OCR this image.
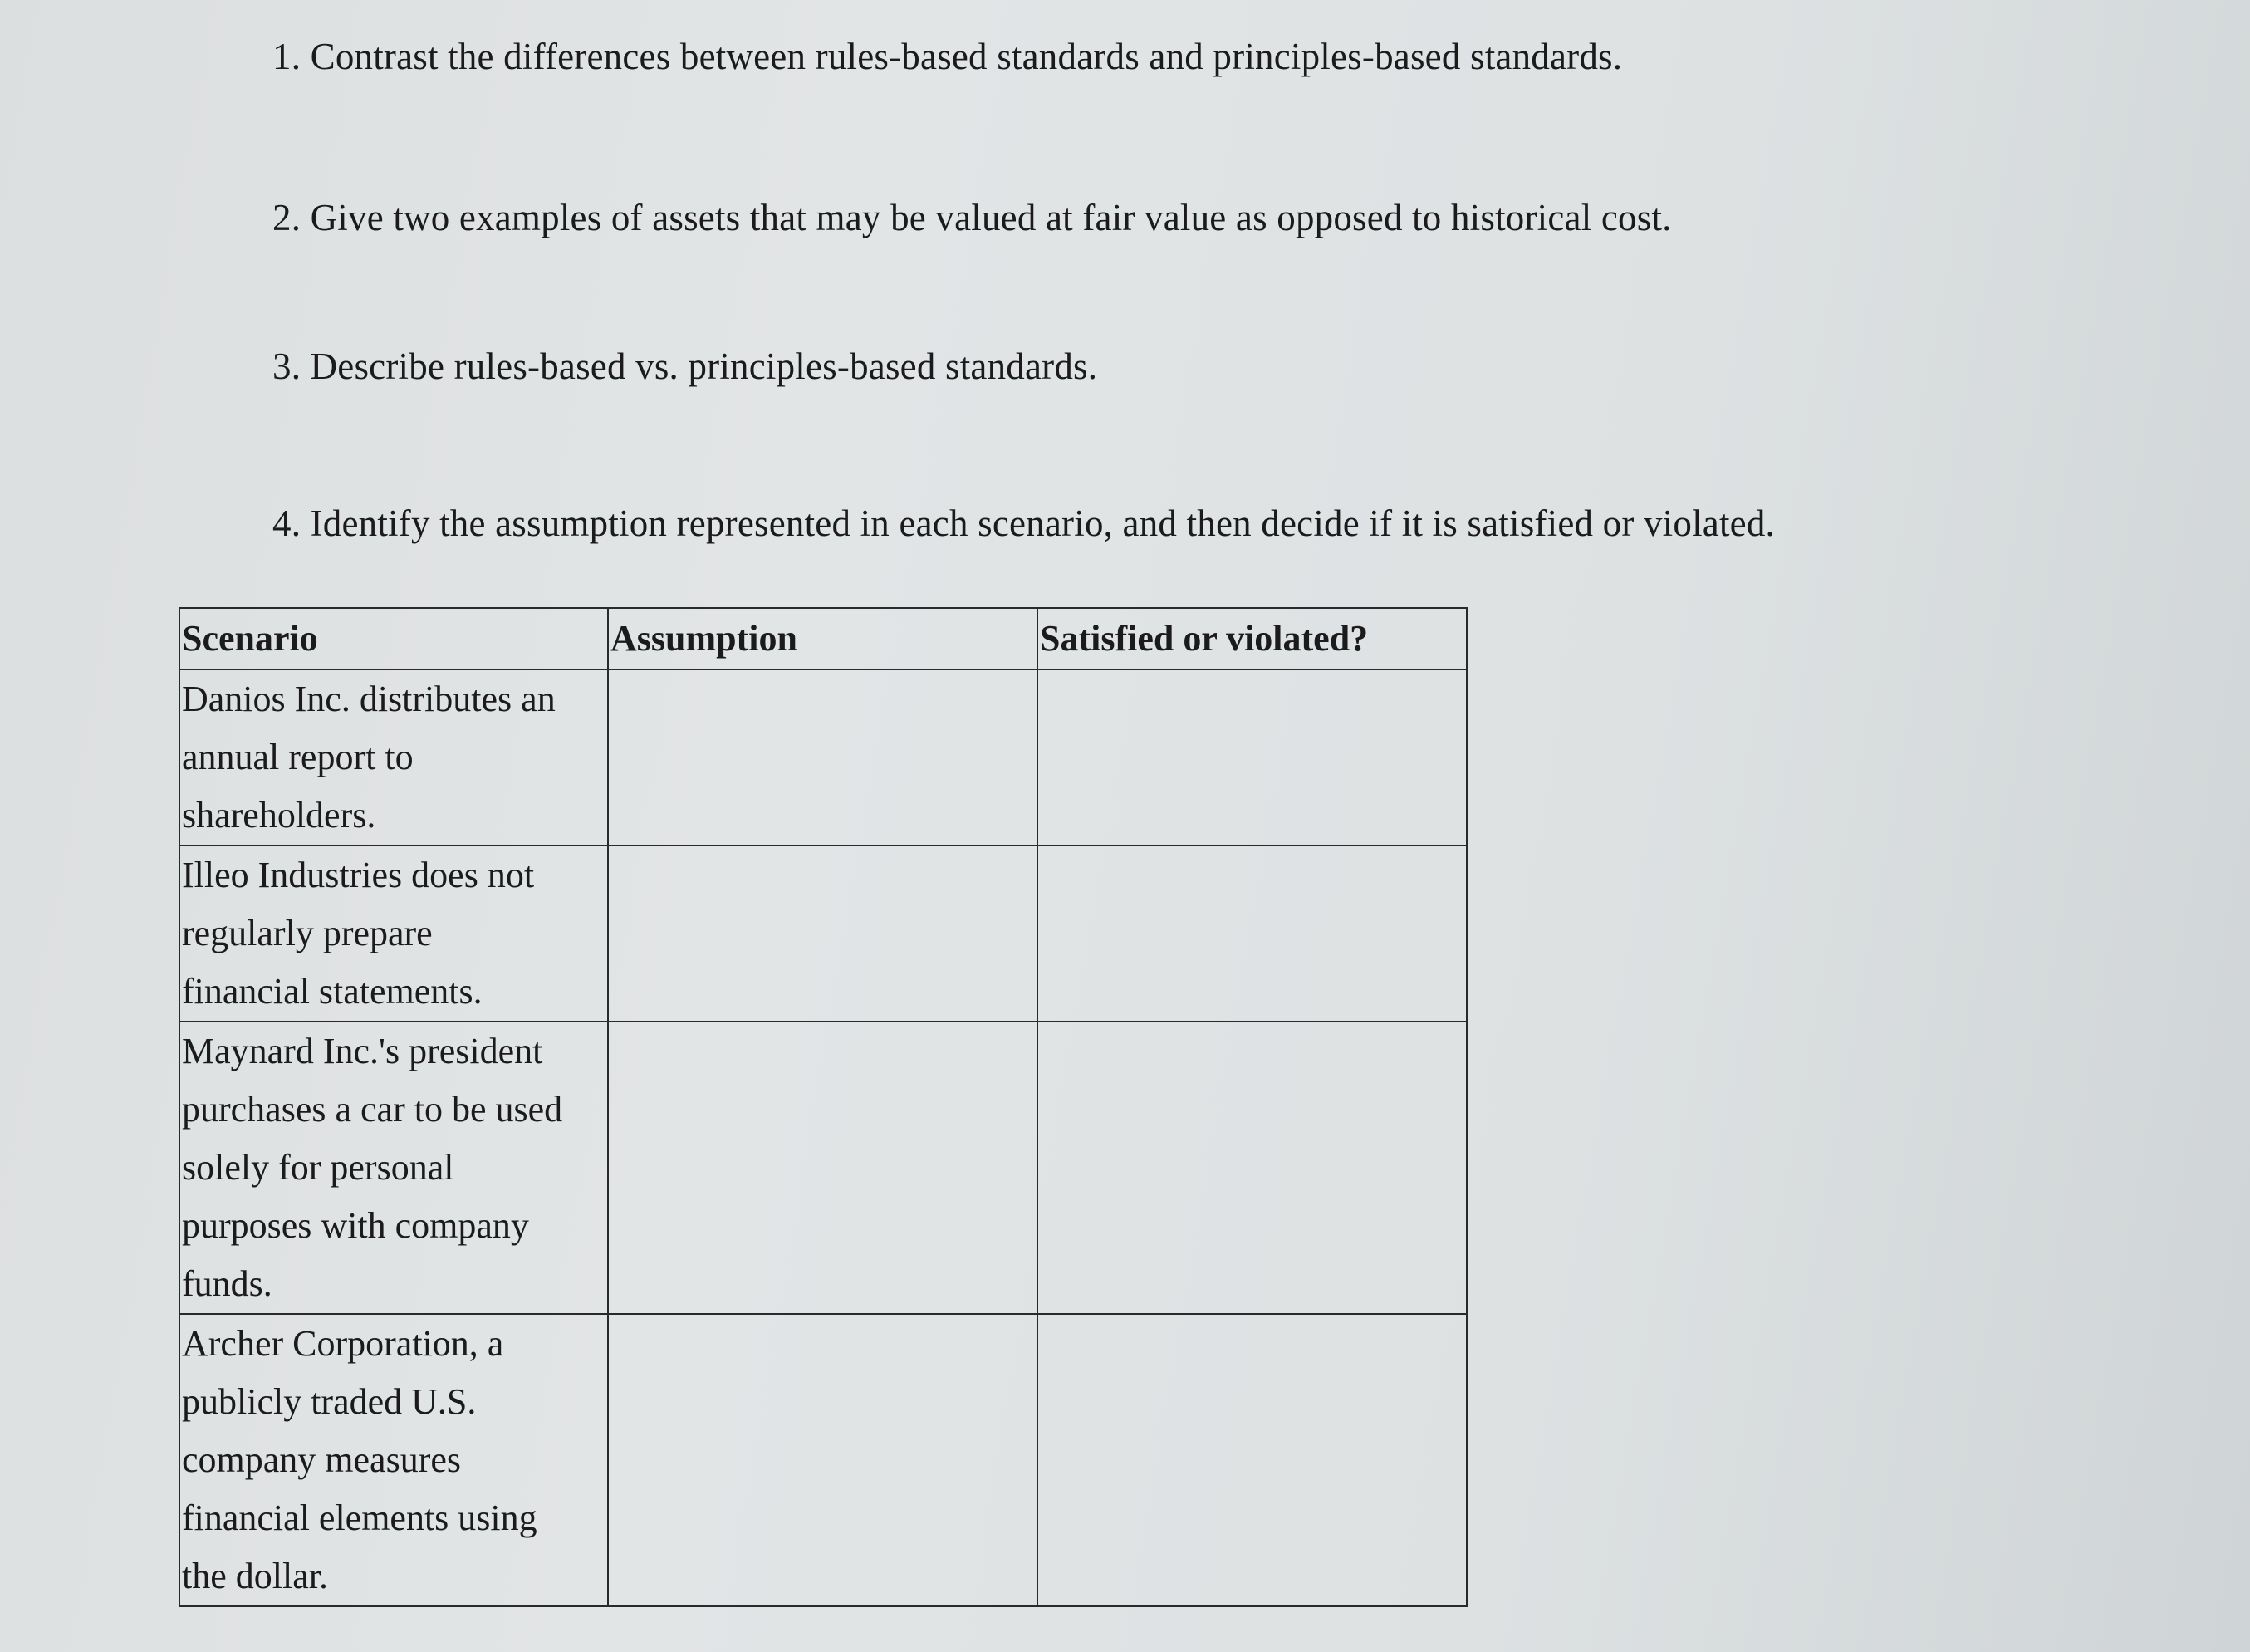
1. Contrast the differences between rules-based standards and principles-based standards.
2. Give two examples of assets that may be valued at fair value as opposed to historical cost.
3. Describe rules-based vs. principles-based standards.
4. Identify the assumption represented in each scenario, and then decide if it is satisfied or violated.
Scenario	Assumption	Satisfied or violated?

Danios Inc. distributes an
annual report to
shareholders.		

Illeo Industries does not
regularly prepare
financial statements.		

Maynard Inc.'s president
purchases a car to be used
solely for personal
purposes with company
funds.		

Archer Corporation, a
publicly traded U.S.
company measures
financial elements using
the dollar.		
